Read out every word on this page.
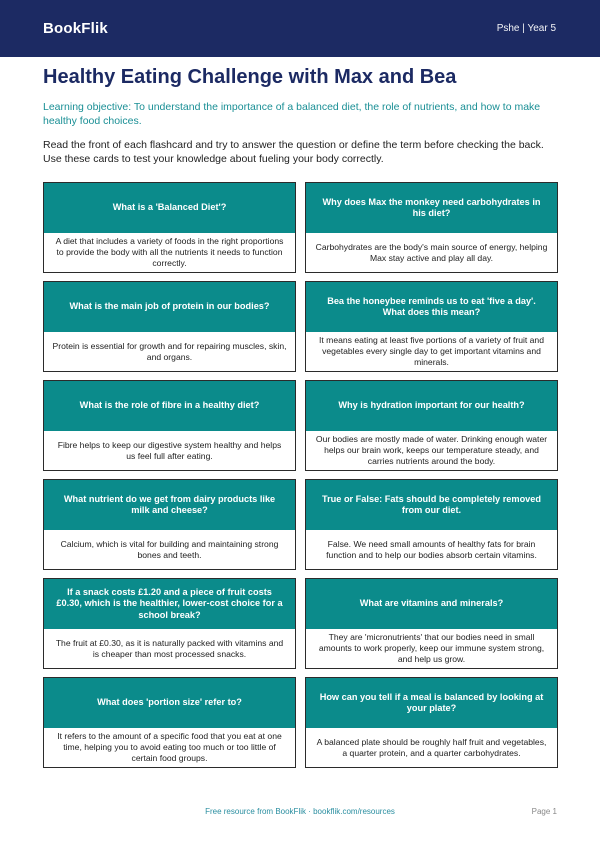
BookFlik	Pshe | Year 5
Healthy Eating Challenge with Max and Bea

Learning objective: To understand the importance of a balanced diet, the role of nutrients, and how to make healthy food choices.

Read the front of each flashcard and try to answer the question or define the term before checking the back. Use these cards to test your knowledge about fueling your body correctly.

What is a 'Balanced Diet'?
A diet that includes a variety of foods in the right proportions to provide the body with all the nutrients it needs to function correctly.
Why does Max the monkey need carbohydrates in his diet?
Carbohydrates are the body's main source of energy, helping Max stay active and play all day.
What is the main job of protein in our bodies?
Protein is essential for growth and for repairing muscles, skin, and organs.
Bea the honeybee reminds us to eat 'five a day'. What does this mean?
It means eating at least five portions of a variety of fruit and vegetables every single day to get important vitamins and minerals.
What is the role of fibre in a healthy diet?
Fibre helps to keep our digestive system healthy and helps us feel full after eating.
Why is hydration important for our health?
Our bodies are mostly made of water. Drinking enough water helps our brain work, keeps our temperature steady, and carries nutrients around the body.
What nutrient do we get from dairy products like milk and cheese?
Calcium, which is vital for building and maintaining strong bones and teeth.
True or False: Fats should be completely removed from our diet.
False. We need small amounts of healthy fats for brain function and to help our bodies absorb certain vitamins.
If a snack costs £1.20 and a piece of fruit costs £0.30, which is the healthier, lower-cost choice for a school break?
The fruit at £0.30, as it is naturally packed with vitamins and is cheaper than most processed snacks.
What are vitamins and minerals?
They are 'micronutrients' that our bodies need in small amounts to work properly, keep our immune system strong, and help us grow.
What does 'portion size' refer to?
It refers to the amount of a specific food that you eat at one time, helping you to avoid eating too much or too little of certain food groups.
How can you tell if a meal is balanced by looking at your plate?
A balanced plate should be roughly half fruit and vegetables, a quarter protein, and a quarter carbohydrates.
Free resource from BookFlik · bookflik.com/resources	Page 1
